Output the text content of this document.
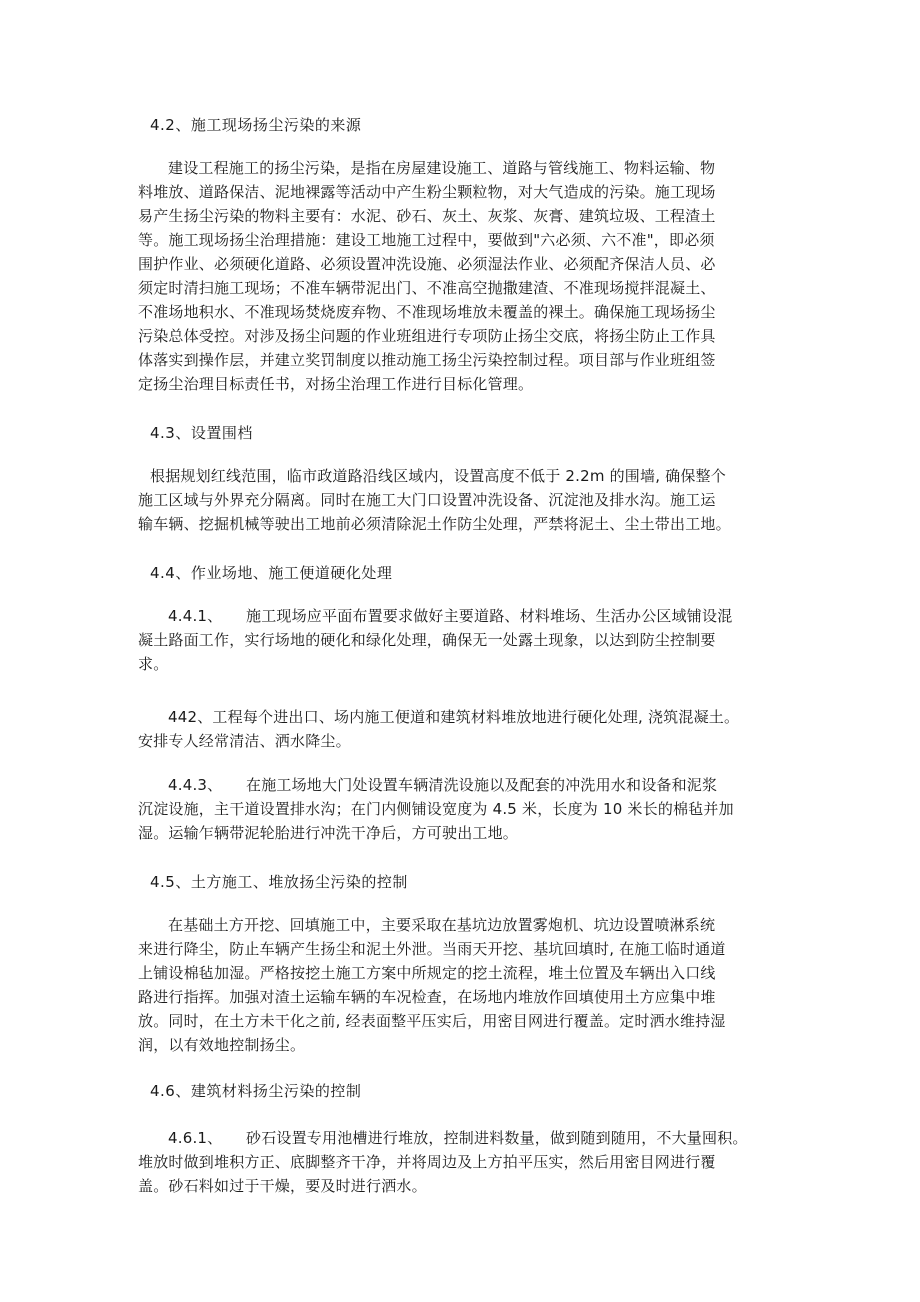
4.2、施工现场扬尘污染的来源
建设工程施工的扬尘污染，是指在房屋建设施工、道路与管线施工、物料运输、物
料堆放、道路保洁、泥地裸露等活动中产生粉尘颗粒物，对大气造成的污染。施工现场
易产生扬尘污染的物料主要有：水泥、砂石、灰土、灰浆、灰膏、建筑垃圾、工程渣土
等。施工现场扬尘治理措施：建设工地施工过程中，要做到"六必须、六不准"，即必须
围护作业、必须硬化道路、必须设置冲洗设施、必须湿法作业、必须配齐保洁人员、必
须定时清扫施工现场；不准车辆带泥出门、不准高空抛撒建渣、不准现场搅拌混凝土、
不准场地积水、不准现场焚烧废弃物、不准现场堆放未覆盖的裸土。确保施工现场扬尘
污染总体受控。对涉及扬尘问题的作业班组进行专项防止扬尘交底，将扬尘防止工作具
体落实到操作层，并建立奖罚制度以推动施工扬尘污染控制过程。项目部与作业班组签
定扬尘治理目标责任书，对扬尘治理工作进行目标化管理。
4.3、设置围档
根据规划红线范围，临市政道路沿线区域内，设置高度不低于 2.2m 的围墙, 确保整个
施工区域与外界充分隔离。同时在施工大门口设置冲洗设备、沉淀池及排水沟。施工运
输车辆、挖掘机械等驶出工地前必须清除泥土作防尘处理，严禁将泥土、尘土带出工地。
4.4、作业场地、施工便道硬化处理
4.4.1、 施工现场应平面布置要求做好主要道路、材料堆场、生活办公区域铺设混
凝土路面工作，实行场地的硬化和绿化处理，确保无一处露土现象，以达到防尘控制要
求。
442、工程每个进出口、场内施工便道和建筑材料堆放地进行硬化处理, 浇筑混凝土。
安排专人经常清洁、洒水降尘。
4.4.3、 在施工场地大门处设置车辆清洗设施以及配套的冲洗用水和设备和泥浆
沉淀设施，主干道设置排水沟；在门内侧铺设宽度为 4.5 米，长度为 10 米长的棉毡并加
湿。运输乍辆带泥轮胎进行冲洗干净后，方可驶出工地。
4.5、土方施工、堆放扬尘污染的控制
在基础土方开挖、回填施工中，主要采取在基坑边放置雾炮机、坑边设置喷淋系统
来进行降尘，防止车辆产生扬尘和泥土外泄。当雨天开挖、基坑回填时, 在施工临时通道
上铺设棉毡加湿。严格按挖土施工方案中所规定的挖土流程，堆土位置及车辆出入口线
路进行指挥。加强对渣土运输车辆的车况检查，在场地内堆放作回填使用土方应集中堆
放。同时，在土方未干化之前, 经表面整平压实后，用密目网进行覆盖。定时洒水维持湿
润，以有效地控制扬尘。
4.6、建筑材料扬尘污染的控制
4.6.1、 砂石设置专用池槽进行堆放，控制进料数量，做到随到随用，不大量囤积。
堆放时做到堆积方正、底脚整齐干净，并将周边及上方拍平压实，然后用密目网进行覆
盖。砂石料如过于干燥，要及时进行洒水。
